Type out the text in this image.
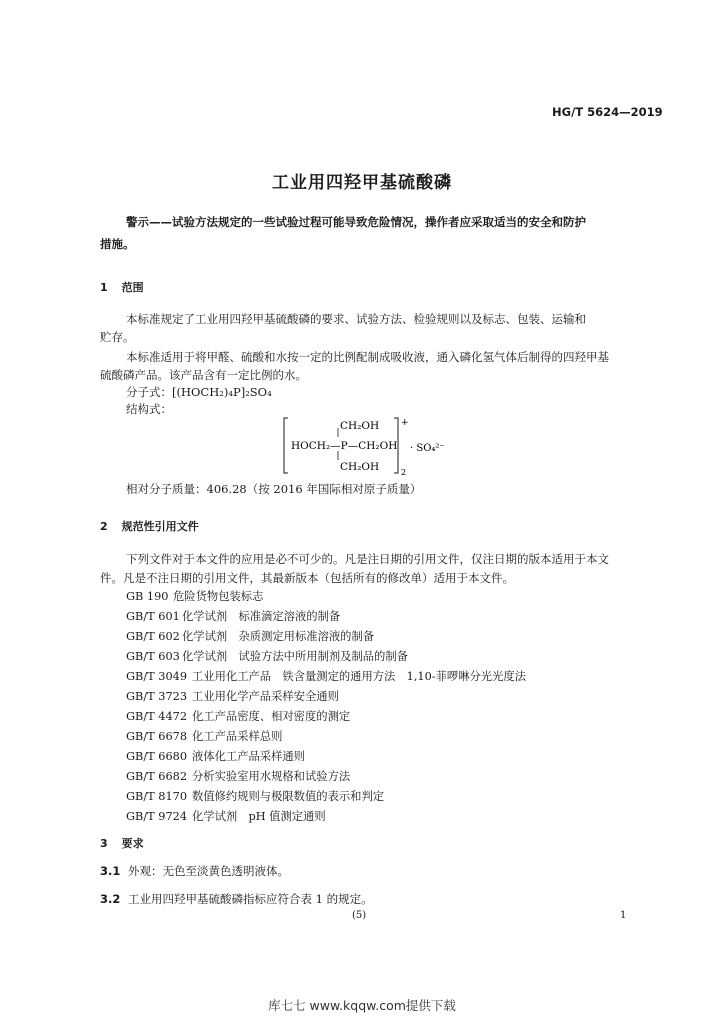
HG/T 5624—2019
工业用四羟甲基硫酸磷
警示——试验方法规定的一些试验过程可能导致危险情况，操作者应采取适当的安全和防护
措施。
1 范围
本标准规定了工业用四羟甲基硫酸磷的要求、试验方法、检验规则以及标志、包装、运输和
贮存。
本标准适用于将甲醛、硫酸和水按一定的比例配制成吸收液，通入磷化氢气体后制得的四羟甲基
硫酸磷产品。该产品含有一定比例的水。
分子式：[(HOCH₂)₄P]₂SO₄
结构式：
CH₂OH
HOCH₂—P—CH₂OH
CH₂OH
+
2
· SO₄²⁻
相对分子质量：406.28（按 2016 年国际相对原子质量）
2 规范性引用文件
下列文件对于本文件的应用是必不可少的。凡是注日期的引用文件，仅注日期的版本适用于本文
件。凡是不注日期的引用文件，其最新版本（包括所有的修改单）适用于本文件。
GB 190 危险货物包装标志
GB/T 601 化学试剂　标准滴定溶液的制备
GB/T 602 化学试剂　杂质测定用标准溶液的制备
GB/T 603 化学试剂　试验方法中所用制剂及制品的制备
GB/T 3049 工业用化工产品　铁含量测定的通用方法　1,10-菲啰啉分光光度法
GB/T 3723 工业用化学产品采样安全通则
GB/T 4472 化工产品密度、相对密度的测定
GB/T 6678 化工产品采样总则
GB/T 6680 液体化工产品采样通则
GB/T 6682 分析实验室用水规格和试验方法
GB/T 8170 数值修约规则与极限数值的表示和判定
GB/T 9724 化学试剂　pH 值测定通则
3 要求
3.1 外观：无色至淡黄色透明液体。
3.2 工业用四羟甲基硫酸磷指标应符合表 1 的规定。
(5)	1
库七七 www.kqqw.com提供下载
